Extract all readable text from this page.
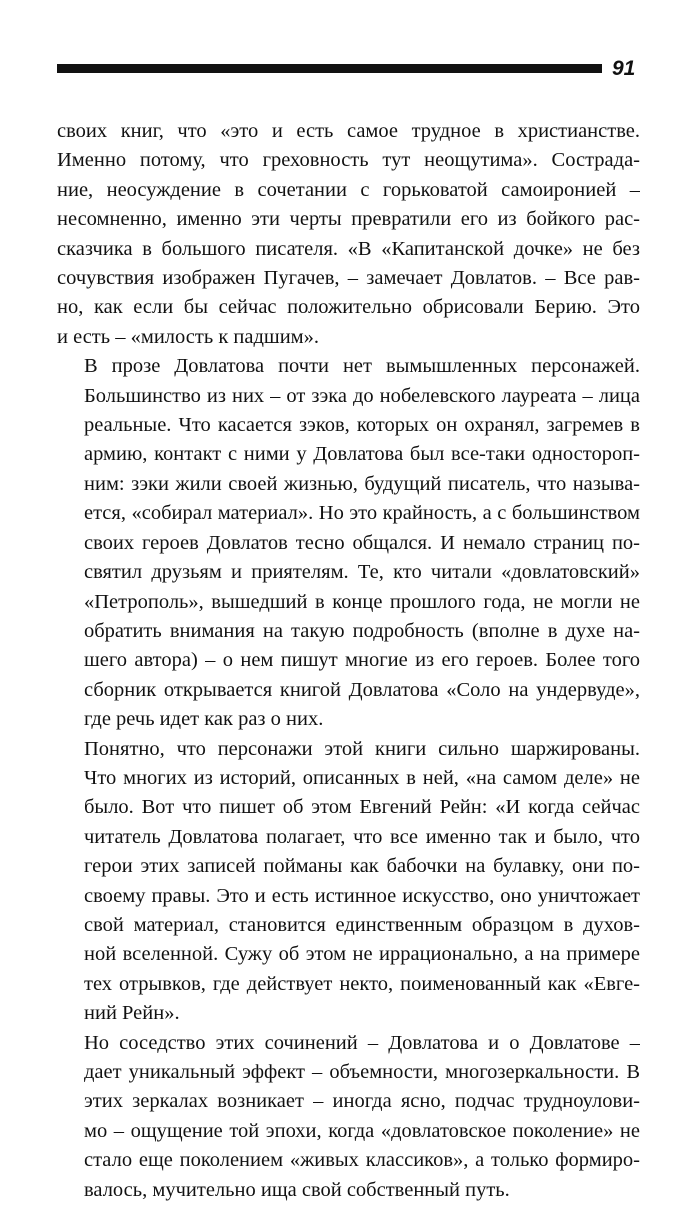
91

своих книг, что «это и есть самое трудное в христианстве.
Именно потому, что греховность тут неощутима». Сострада-
ние, неосуждение в сочетании с горьковатой самоиронией –
несомненно, именно эти черты превратили его из бойкого рас-
сказчика в большого писателя. «В «Капитанской дочке» не без
сочувствия изображен Пугачев, – замечает Довлатов. – Все рав-
но, как если бы сейчас положительно обрисовали Берию. Это
и есть – «милость к падшим».

В прозе Довлатова почти нет вымышленных персонажей.
Большинство из них – от зэка до нобелевского лауреата – лица
реальные. Что касается зэков, которых он охранял, загремев в
армию, контакт с ними у Довлатова был все-таки одностороп-
ним: зэки жили своей жизнью, будущий писатель, что называ-
ется, «собирал материал». Но это крайность, а с большинством
своих героев Довлатов тесно общался. И немало страниц по-
святил друзьям и приятелям. Те, кто читали «довлатовский»
«Петрополь», вышедший в конце прошлого года, не могли не
обратить внимания на такую подробность (вполне в духе на-
шего автора) – о нем пишут многие из его героев. Более того
сборник открывается книгой Довлатова «Соло на ундервуде»,
где речь идет как раз о них.

Понятно, что персонажи этой книги сильно шаржированы.
Что многих из историй, описанных в ней, «на самом деле» не
было. Вот что пишет об этом Евгений Рейн: «И когда сейчас
читатель Довлатова полагает, что все именно так и было, что
герои этих записей пойманы как бабочки на булавку, они по-
своему правы. Это и есть истинное искусство, оно уничтожает
свой материал, становится единственным образцом в духов-
ной вселенной. Сужу об этом не иррационально, а на примере
тех отрывков, где действует некто, поименованный как «Евге-
ний Рейн».

Но соседство этих сочинений – Довлатова и о Довлатове –
дает уникальный эффект – объемности, многозеркальности. В
этих зеркалах возникает – иногда ясно, подчас трудноулови-
мо – ощущение той эпохи, когда «довлатовское поколение» не
стало еще поколением «живых классиков», а только формиро-
валось, мучительно ища свой собственный путь.
